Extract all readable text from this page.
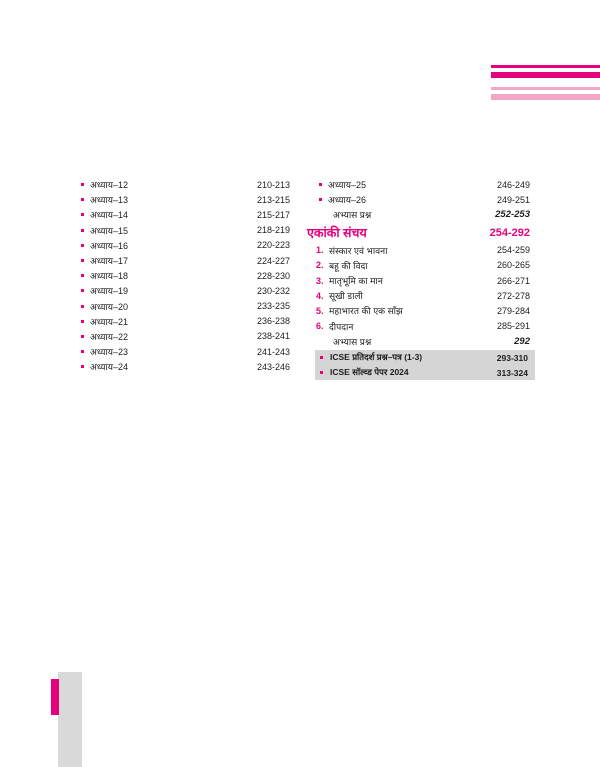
अध्याय–12	210-213
अध्याय–13	213-215
अध्याय–14	215-217
अध्याय–15	218-219
अध्याय–16	220-223
अध्याय–17	224-227
अध्याय–18	228-230
अध्याय–19	230-232
अध्याय–20	233-235
अध्याय–21	236-238
अध्याय–22	238-241
अध्याय–23	241-243
अध्याय–24	243-246
अध्याय–25	246-249
अध्याय–26	249-251
अभ्यास प्रश्न	252-253
एकांकी संचय	254-292
1. संस्कार एवं भावना	254-259
2. बहू की विदा	260-265
3. मातृभूमि का मान	266-271
4. सूखी डाली	272-278
5. महाभारत की एक साँझ	279-284
6. दीपदान	285-291
अभ्यास प्रश्न	292
ICSE प्रतिदर्श प्रश्न–पत्र (1-3)	293-310
ICSE सॉल्व्ड पेपर 2024	313-324
